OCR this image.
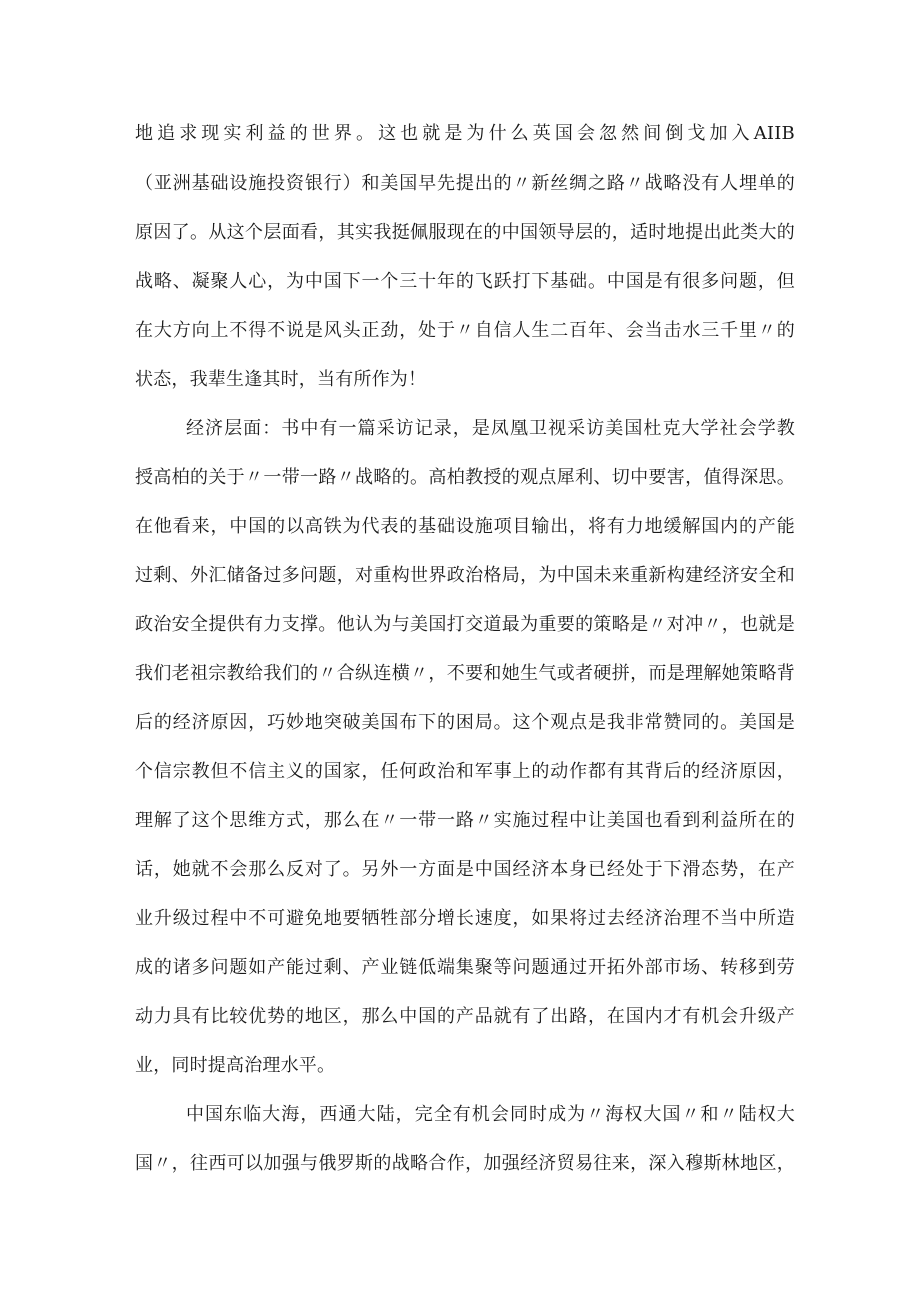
地追求现实利益的世界。这也就是为什么英国会忽然间倒戈加入AIIB
（亚洲基础设施投资银行）和美国早先提出的〃新丝绸之路〃战略没有人埋单的
原因了。从这个层面看，其实我挺佩服现在的中国领导层的，适时地提出此类大的
战略、凝聚人心，为中国下一个三十年的飞跃打下基础。中国是有很多问题，但
在大方向上不得不说是风头正劲，处于〃自信人生二百年、会当击水三千里〃的
状态，我辈生逢其时，当有所作为！
经济层面：书中有一篇采访记录，是凤凰卫视采访美国杜克大学社会学教
授高柏的关于〃一带一路〃战略的。高柏教授的观点犀利、切中要害，值得深思。
在他看来，中国的以高铁为代表的基础设施项目输出，将有力地缓解国内的产能
过剩、外汇储备过多问题，对重构世界政治格局，为中国未来重新构建经济安全和
政治安全提供有力支撑。他认为与美国打交道最为重要的策略是〃对冲〃，也就是
我们老祖宗教给我们的〃合纵连横〃，不要和她生气或者硬拼，而是理解她策略背
后的经济原因，巧妙地突破美国布下的困局。这个观点是我非常赞同的。美国是
个信宗教但不信主义的国家，任何政治和军事上的动作都有其背后的经济原因，
理解了这个思维方式，那么在〃一带一路〃实施过程中让美国也看到利益所在的
话，她就不会那么反对了。另外一方面是中国经济本身已经处于下滑态势，在产
业升级过程中不可避免地要牺牲部分增长速度，如果将过去经济治理不当中所造
成的诸多问题如产能过剩、产业链低端集聚等问题通过开拓外部市场、转移到劳
动力具有比较优势的地区，那么中国的产品就有了出路，在国内才有机会升级产
业，同时提高治理水平。
中国东临大海，西通大陆，完全有机会同时成为〃海权大国〃和〃陆权大
国〃，往西可以加强与俄罗斯的战略合作，加强经济贸易往来，深入穆斯林地区，
